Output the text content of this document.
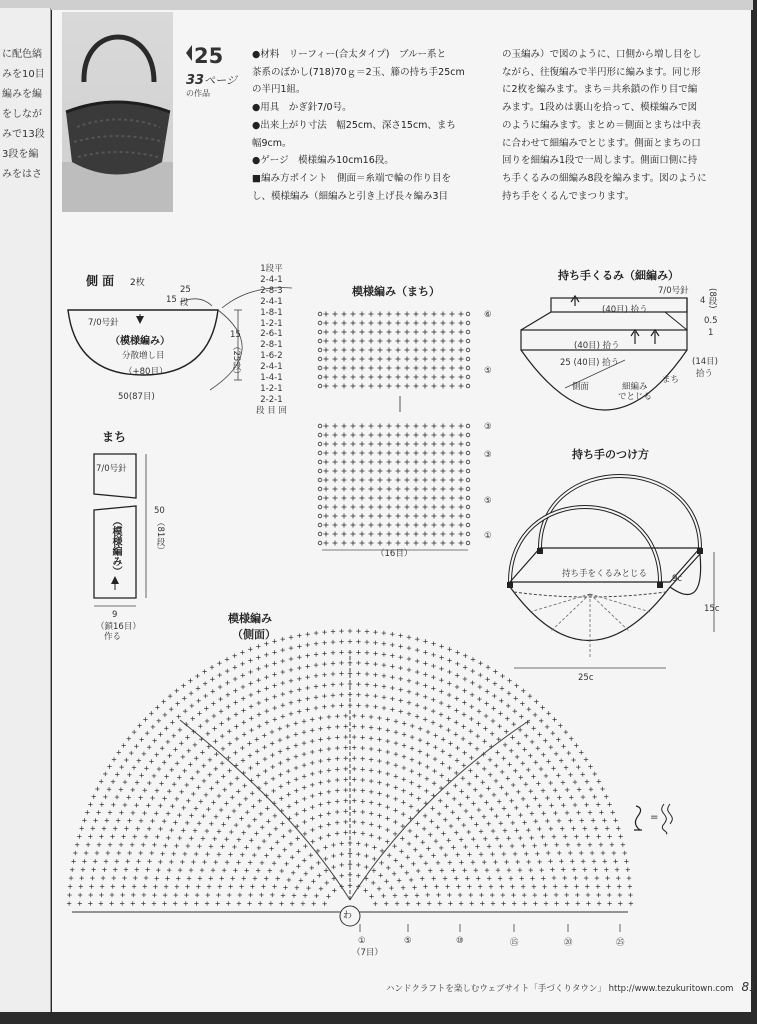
に配色縞
みを10目
編みを編
をしなが
みで13段
3段を編
みをはさ
25
33ページ
の作品

●材料　リーフィー(合太タイプ)　ブルー系と

茶系のぼかし(718)70ｇ＝2玉、籐の持ち手25cm

の半円1組。

●用具　かぎ針7/0号。

●出来上がり寸法　幅25cm、深さ15cm、まち

幅9cm。

●ゲージ　模様編み10cm16段。

■編み方ポイント　側面＝糸端で輪の作り目を

し、模様編み（細編みと引き上げ長々編み3目

の玉編み）で図のように、口側から増し目をし

ながら、往復編みで半円形に編みます。同じ形

に2枚を編みます。まち＝共糸鎖の作り目で編

みます。1段めは裏山を拾って、模様編みで図

のように編みます。まとめ＝側面とまちは中表

に合わせて細編みでとじます。側面とまちの口

回りを細編み1段で一周します。側面口側に持

ち手くるみの細編み8段を編みます。図のように

持ち手をくるんでまつります。

側 面 2枚
7/0号針
（模様編み）
分散増し目
（+80目）
25
15 段
15
（25段）
50(87目)
1段平
2-4-1
2-8-3
2-4-1
1-8-1
1-2-1
2-6-1
2-8-1
1-6-2
2-4-1
1-4-1
1-2-1
2-2-1
段 目 回
まち
7/0号針
（模様編み）
50
（81段）
9
（鎖16目）
作る
模様編み（まち）
⑥
⑤
③
③
⑤
①
（16目）
持ち手くるみ（細編み）
7/0号針
(40目) 拾う
(40目) 拾う
25 (40目) 拾う
(8段)
4
0.5
1
(14目)
拾う
側面
まち
細編み
でとじる
持ち手のつけ方
持ち手をくるみとじる
15c
9c
25c
模様編み
（側面）
わ
①	⑤	⑩	⑮	⑳	㉕
（7目）
=
ハンドクラフトを楽しむウェブサイト「手づくりタウン」 http://www.tezukuritown.com 81
